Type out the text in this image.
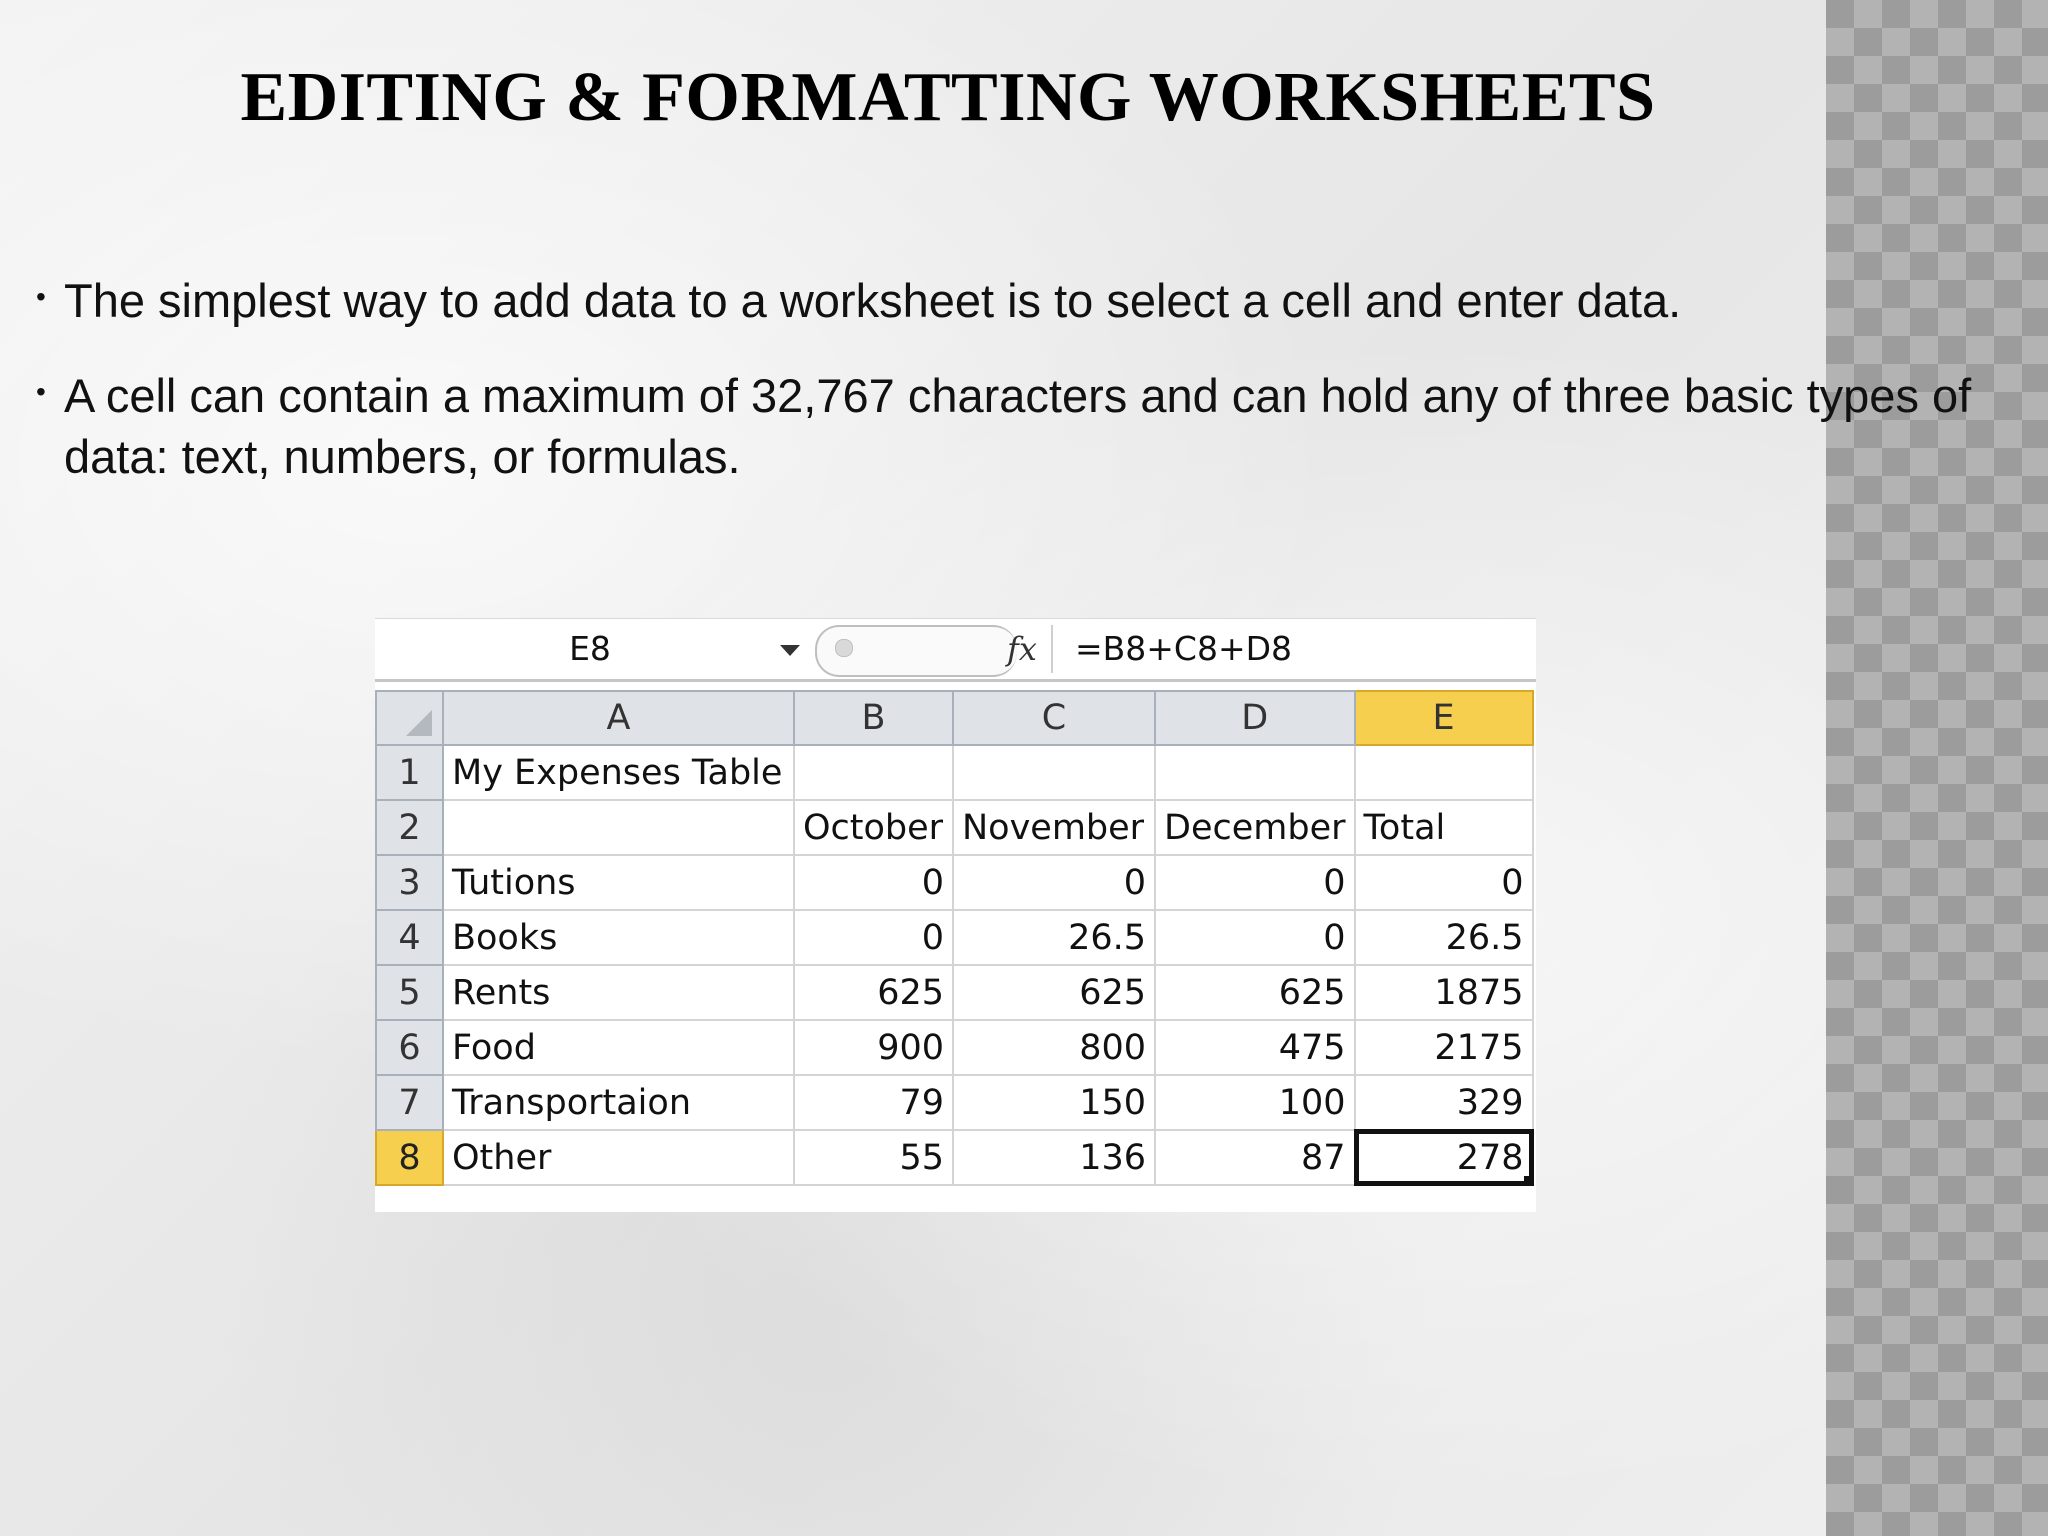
EDITING & FORMATTING WORKSHEETS
• The simplest way to add data to a worksheet is to select a cell and enter data.
• A cell can contain a maximum of 32,767 characters and can hold any of three basic types of data: text, numbers, or formulas.
E8	fx	=B8+C8+D8
	A	B	C	D	E
1	My Expenses Table				
2		October	November	December	Total
3	Tutions	0	0	0	0
4	Books	0	26.5	0	26.5
5	Rents	625	625	625	1875
6	Food	900	800	475	2175
7	Transportaion	79	150	100	329
8	Other	55	136	87	278
